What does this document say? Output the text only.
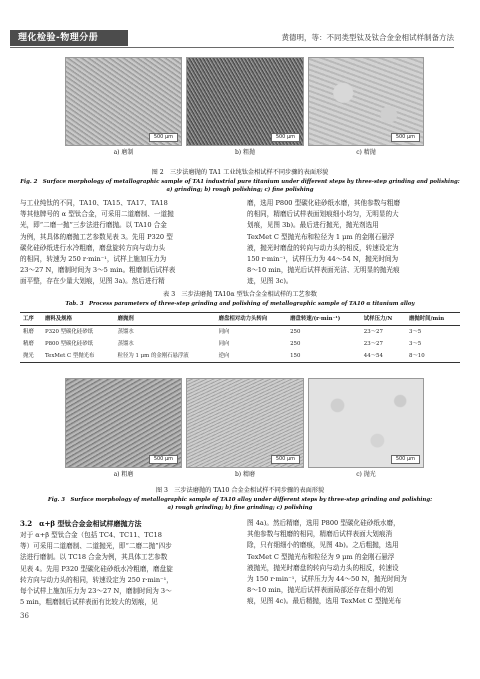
理化检验-物理分册	黄德明，等：不同类型钛及钛合金金相试样制备方法
500 μm	500 μm	500 μm
a) 磨制	b) 粗抛	c) 精抛
图 2　三步法磨抛的 TA1 工业纯钛金相试样不同步骤的表面形貌
Fig. 2　Surface morphology of metallographic sample of TA1 industrial pure titanium under different steps by three-step grinding and polishing:
a) grinding; b) rough polishing; c) fine polishing
与工业纯钛的不同，TA10、TA15、TA17、TA18
等其他牌号的 α 型钛合金，可采用二道磨制、一道抛
光，即“二磨一抛”三步法进行磨抛。以 TA10 合金
为例，其具体的磨抛工艺参数见表 3。先用 P320 型
碳化硅砂纸进行水冷粗磨，磨盘旋转方向与动力头
的相同，转速为 250 r·min⁻¹，试样上施加压力为
23～27 N，磨制时间为 3～5 min。粗磨制后试样表
面平整，存在少量大划痕，见图 3a)。然后进行精
磨，选用 P800 型碳化硅砂纸水磨，其他参数与粗磨
的相同，精磨后试样表面划痕细小均匀，无明显的大
划痕，见图 3b)。最后进行抛光，抛光剂选用
TexMet C 型抛光布和粒径为 1 μm 的金刚石悬浮
液，抛光时磨盘的转向与动力头的相反，转速设定为
150 r·min⁻¹，试样压力为 44～54 N，抛光时间为
8～10 min，抛光后试样表面光洁、无明显的抛光痕
迹，见图 3c)。
表 3　三步法磨抛 TA10α 型钛合金金相试样的工艺参数
Tab. 3　Process parameters of three-step grinding and polishing of metallographic sample of TA10 α titanium alloy
工序	磨料及规格	磨抛剂	磨盘相对动力头转向	磨盘转速/(r·min⁻¹)	试样压力/N	磨抛时间/min
粗磨	P320 型碳化硅砂纸	蒸馏水	同向	250	23～27	3～5
精磨	P800 型碳化硅砂纸	蒸馏水	同向	250	23～27	3～5
抛光	TexMet C 型抛光布	粒径为 1 μm 的金刚石悬浮液	逆向	150	44～54	8～10
500 μm	500 μm	500 μm
a) 粗磨	b) 精磨	c) 抛光
图 3　三步法磨抛的 TA10 合金金相试样不同步骤的表面形貌
Fig. 3　Surface morphology of metallographic sample of TA10 alloy under different steps by three-step grinding and polishing:
a) rough grinding; b) fine grinding; c) polishing
3.2　α+β 型钛合金金相试样磨抛方法
对于 α+β 型钛合金（包括 TC4、TC11、TC18
等）可采用二道磨制、二道抛光，即“二磨二抛”四步
法进行磨制。以 TC18 合金为例，其具体工艺参数
见表 4。先用 P320 型碳化硅砂纸水冷粗磨，磨盘旋
转方向与动力头的相同，转速设定为 250 r·min⁻¹，
每个试样上施加压力为 23～27 N，磨制时间为 3～
5 min，粗磨制后试样表面有比较大的划痕，见
图 4a)。然后精磨，选用 P800 型碳化硅砂纸水磨，
其他参数与粗磨的相同，精磨后试样表面大划痕消
除，只有细细小的磨痕，见图 4b)。之后粗抛，选用
TexMet C 型抛光布和粒径为 9 μm 的金刚石悬浮
液抛光，抛光时磨盘的转向与动力头的相反，转速设
为 150 r·min⁻¹，试样压力为 44～50 N，抛光时间为
8～10 min，抛光后试样表面局部还存在细小的划
痕，见图 4c)。最后精抛，选用 TexMet C 型抛光布
36
